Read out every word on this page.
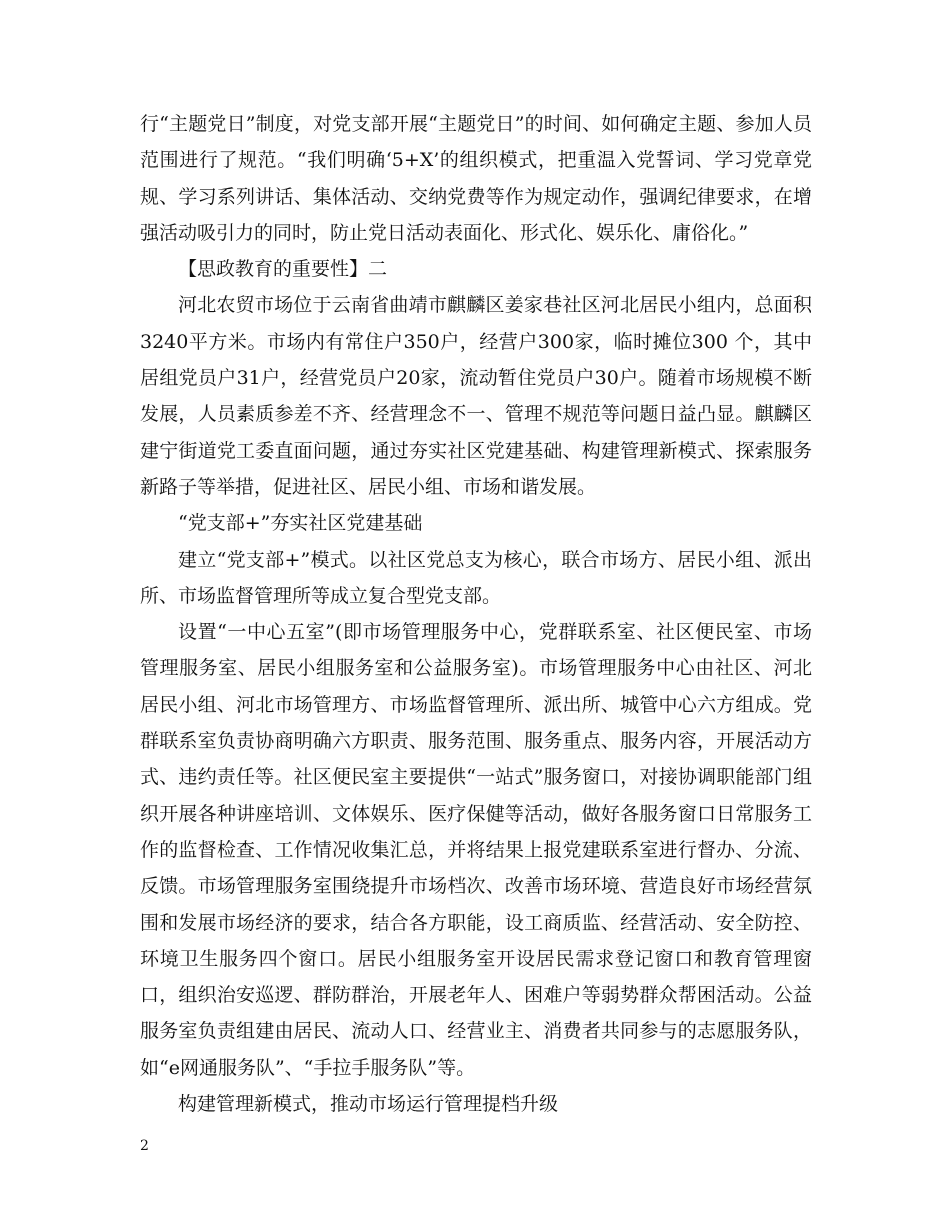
行“主题党日”制度，对党支部开展“主题党日”的时间、如何确定主题、参加人员范围进行了规范。“我们明确‘5+X’的组织模式，把重温入党誓词、学习党章党规、学习系列讲话、集体活动、交纳党费等作为规定动作，强调纪律要求，在增强活动吸引力的同时，防止党日活动表面化、形式化、娱乐化、庸俗化。”

【思政教育的重要性】二

河北农贸市场位于云南省曲靖市麒麟区姜家巷社区河北居民小组内，总面积3240平方米。市场内有常住户350户，经营户300家，临时摊位300 个，其中居组党员户31户，经营党员户20家，流动暂住党员户30户。随着市场规模不断发展，人员素质参差不齐、经营理念不一、管理不规范等问题日益凸显。麒麟区建宁街道党工委直面问题，通过夯实社区党建基础、构建管理新模式、探索服务新路子等举措，促进社区、居民小组、市场和谐发展。

“党支部+”夯实社区党建基础

建立“党支部+”模式。以社区党总支为核心，联合市场方、居民小组、派出所、市场监督管理所等成立复合型党支部。

设置“一中心五室”(即市场管理服务中心，党群联系室、社区便民室、市场管理服务室、居民小组服务室和公益服务室)。市场管理服务中心由社区、河北居民小组、河北市场管理方、市场监督管理所、派出所、城管中心六方组成。党群联系室负责协商明确六方职责、服务范围、服务重点、服务内容，开展活动方式、违约责任等。社区便民室主要提供“一站式”服务窗口，对接协调职能部门组织开展各种讲座培训、文体娱乐、医疗保健等活动，做好各服务窗口日常服务工作的监督检查、工作情况收集汇总，并将结果上报党建联系室进行督办、分流、反馈。市场管理服务室围绕提升市场档次、改善市场环境、营造良好市场经营氛围和发展市场经济的要求，结合各方职能，设工商质监、经营活动、安全防控、环境卫生服务四个窗口。居民小组服务室开设居民需求登记窗口和教育管理窗口，组织治安巡逻、群防群治，开展老年人、困难户等弱势群众帮困活动。公益服务室负责组建由居民、流动人口、经营业主、消费者共同参与的志愿服务队，如“e网通服务队”、“手拉手服务队”等。

构建管理新模式，推动市场运行管理提档升级

2
